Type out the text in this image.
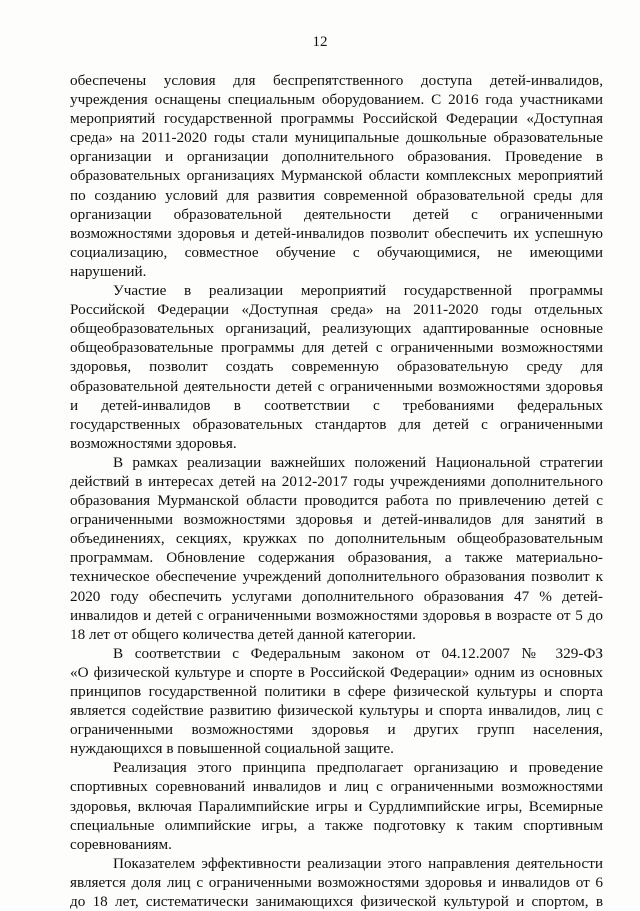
12
обеспечены условия для беспрепятственного доступа детей-инвалидов,
учреждения оснащены специальным оборудованием. С 2016 года участниками
мероприятий государственной программы Российской Федерации «Доступная
среда» на 2011-2020 годы стали муниципальные дошкольные образовательные
организации и организации дополнительного образования. Проведение в
образовательных организациях Мурманской области комплексных мероприятий
по созданию условий для развития современной образовательной среды для
организации образовательной деятельности детей с ограниченными
возможностями здоровья и детей-инвалидов позволит обеспечить их успешную
социализацию, совместное обучение с обучающимися, не имеющими
нарушений.
Участие в реализации мероприятий государственной программы
Российской Федерации «Доступная среда» на 2011-2020 годы отдельных
общеобразовательных организаций, реализующих адаптированные основные
общеобразовательные программы для детей с ограниченными возможностями
здоровья, позволит создать современную образовательную среду для
образовательной деятельности детей с ограниченными возможностями здоровья
и детей-инвалидов в соответствии с требованиями федеральных
государственных образовательных стандартов для детей с ограниченными
возможностями здоровья.
В рамках реализации важнейших положений Национальной стратегии
действий в интересах детей на 2012-2017 годы учреждениями дополнительного
образования Мурманской области проводится работа по привлечению детей с
ограниченными возможностями здоровья и детей-инвалидов для занятий в
объединениях, секциях, кружках по дополнительным общеобразовательным
программам. Обновление содержания образования, а также материально-
техническое обеспечение учреждений дополнительного образования позволит к
2020 году обеспечить услугами дополнительного образования 47 % детей-
инвалидов и детей с ограниченными возможностями здоровья в возрасте от 5 до
18 лет от общего количества детей данной категории.
В соответствии с Федеральным законом от 04.12.2007 № 329-ФЗ
«О физической культуре и спорте в Российской Федерации» одним из основных
принципов государственной политики в сфере физической культуры и спорта
является содействие развитию физической культуры и спорта инвалидов, лиц с
ограниченными возможностями здоровья и других групп населения,
нуждающихся в повышенной социальной защите.
Реализация этого принципа предполагает организацию и проведение
спортивных соревнований инвалидов и лиц с ограниченными возможностями
здоровья, включая Паралимпийские игры и Сурдлимпийские игры, Всемирные
специальные олимпийские игры, а также подготовку к таким спортивным
соревнованиям.
Показателем эффективности реализации этого направления деятельности
является доля лиц с ограниченными возможностями здоровья и инвалидов от 6
до 18 лет, систематически занимающихся физической культурой и спортом, в
